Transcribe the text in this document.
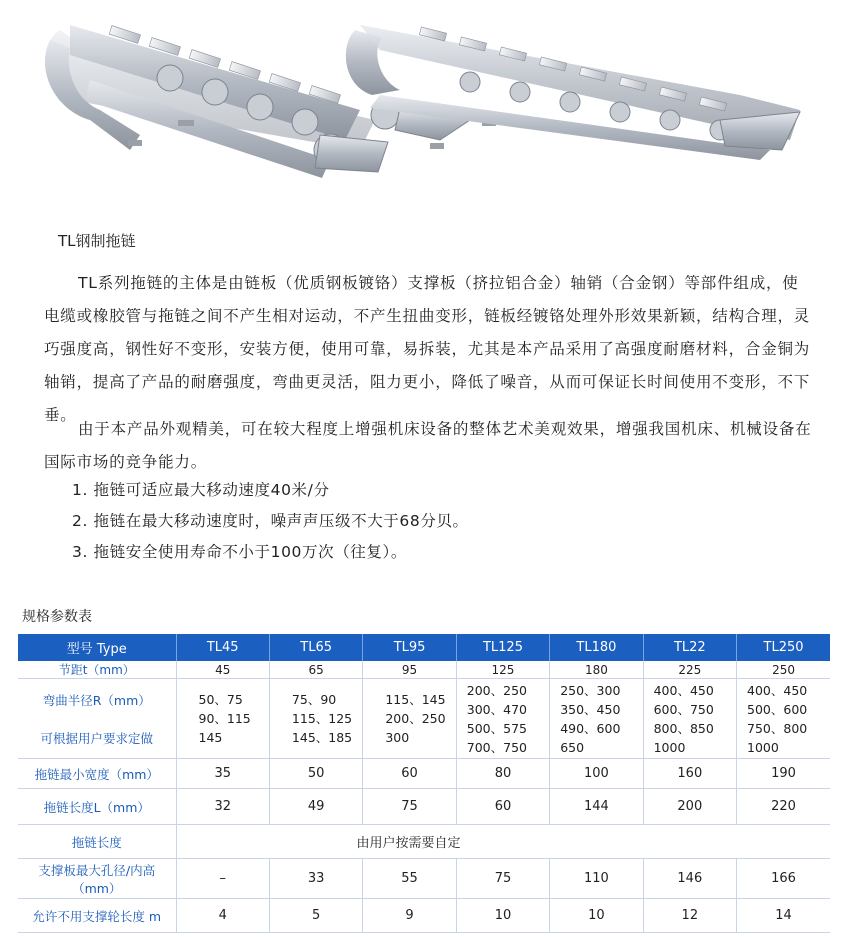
TL钢制拖链
TL系列拖链的主体是由链板（优质钢板镀铬）支撑板（挤拉铝合金）轴销（合金钢）等部件组成，使电缆或橡胶管与拖链之间不产生相对运动，不产生扭曲变形，链板经镀铬处理外形效果新颖，结构合理，灵巧强度高，钢性好不变形，安装方便，使用可靠，易拆装，尤其是本产品采用了高强度耐磨材料，合金铜为轴销，提高了产品的耐磨强度，弯曲更灵活，阻力更小，降低了噪音，从而可保证长时间使用不变形，不下垂。
由于本产品外观精美，可在较大程度上增强机床设备的整体艺术美观效果，增强我国机床、机械设备在国际市场的竞争能力。
1. 拖链可适应最大移动速度40米/分
2. 拖链在最大移动速度时，噪声声压级不大于68分贝。
3. 拖链安全使用寿命不小于100万次（往复）。
规格参数表
型号 Type	TL45	TL65	TL95	TL125	TL180	TL22	TL250
节距t（mm）	45	65	95	125	180	225	250

弯曲半径R（mm）
可根据用户要求定做	50、75
90、115
145	75、90
115、125
145、185	115、145
200、250
300	200、250
300、470
500、575
700、750	250、300
350、450
490、600
650	400、450
600、750
800、850
1000	400、450
500、600
750、800
1000

拖链最小宽度（mm）	35	50	60	80	100	160	190
拖链长度L（mm）	32	49	75	60	144	200	220
拖链长度	由用户按需要自定						
支撑板最大孔径/内高（mm）	–	33	55	75	110	146	166
允许不用支撑轮长度 m	4	5	9	10	10	12	14
